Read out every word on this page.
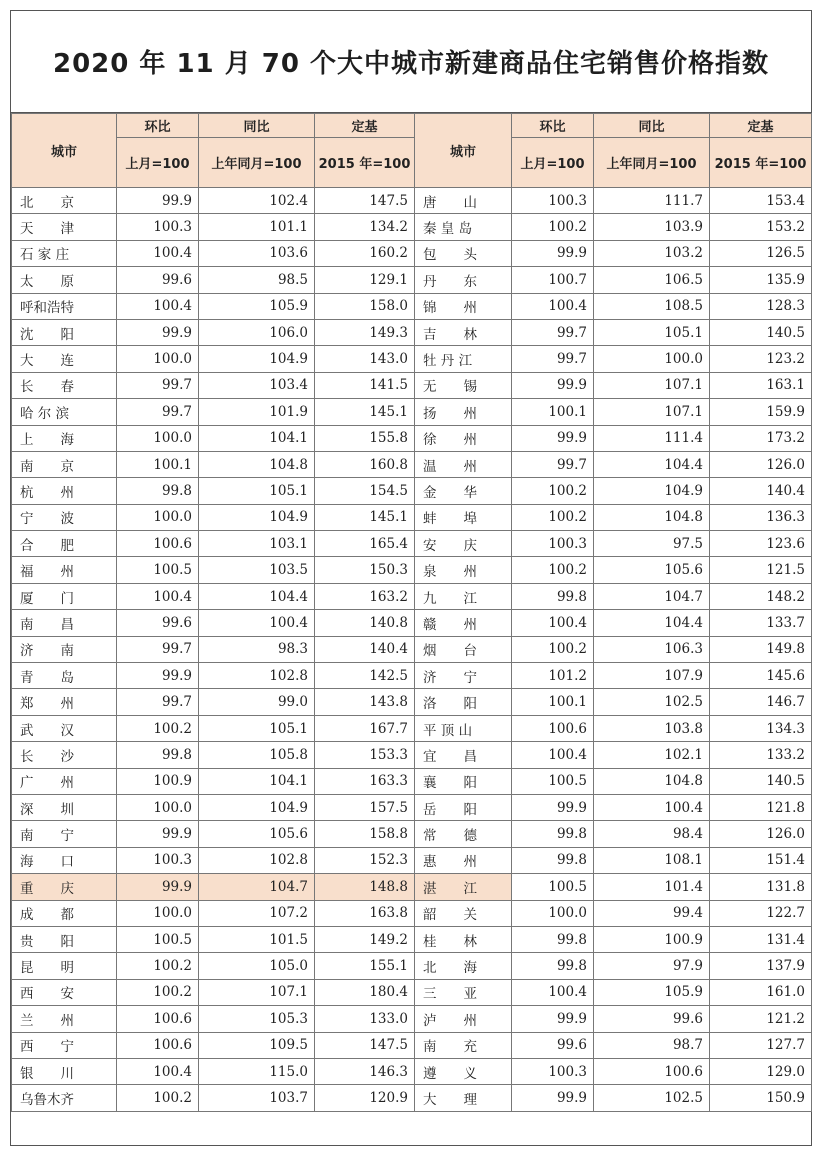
2020 年 11 月 70 个大中城市新建商品住宅销售价格指数
城市	环比	同比	定基	城市	环比	同比	定基
	上月=100	上年同月=100	2015 年=100		上月=100	上年同月=100	2015 年=100
北　　京	99.9	102.4	147.5	唐　　山	100.3	111.7	153.4
天　　津	100.3	101.1	134.2	秦 皇 岛	100.2	103.9	153.2
石 家 庄	100.4	103.6	160.2	包　　头	99.9	103.2	126.5
太　　原	99.6	98.5	129.1	丹　　东	100.7	106.5	135.9
呼和浩特	100.4	105.9	158.0	锦　　州	100.4	108.5	128.3
沈　　阳	99.9	106.0	149.3	吉　　林	99.7	105.1	140.5
大　　连	100.0	104.9	143.0	牡 丹 江	99.7	100.0	123.2
长　　春	99.7	103.4	141.5	无　　锡	99.9	107.1	163.1
哈 尔 滨	99.7	101.9	145.1	扬　　州	100.1	107.1	159.9
上　　海	100.0	104.1	155.8	徐　　州	99.9	111.4	173.2
南　　京	100.1	104.8	160.8	温　　州	99.7	104.4	126.0
杭　　州	99.8	105.1	154.5	金　　华	100.2	104.9	140.4
宁　　波	100.0	104.9	145.1	蚌　　埠	100.2	104.8	136.3
合　　肥	100.6	103.1	165.4	安　　庆	100.3	97.5	123.6
福　　州	100.5	103.5	150.3	泉　　州	100.2	105.6	121.5
厦　　门	100.4	104.4	163.2	九　　江	99.8	104.7	148.2
南　　昌	99.6	100.4	140.8	赣　　州	100.4	104.4	133.7
济　　南	99.7	98.3	140.4	烟　　台	100.2	106.3	149.8
青　　岛	99.9	102.8	142.5	济　　宁	101.2	107.9	145.6
郑　　州	99.7	99.0	143.8	洛　　阳	100.1	102.5	146.7
武　　汉	100.2	105.1	167.7	平 顶 山	100.6	103.8	134.3
长　　沙	99.8	105.8	153.3	宜　　昌	100.4	102.1	133.2
广　　州	100.9	104.1	163.3	襄　　阳	100.5	104.8	140.5
深　　圳	100.0	104.9	157.5	岳　　阳	99.9	100.4	121.8
南　　宁	99.9	105.6	158.8	常　　德	99.8	98.4	126.0
海　　口	100.3	102.8	152.3	惠　　州	99.8	108.1	151.4
重　　庆	99.9	104.7	148.8	湛　　江	100.5	101.4	131.8
成　　都	100.0	107.2	163.8	韶　　关	100.0	99.4	122.7
贵　　阳	100.5	101.5	149.2	桂　　林	99.8	100.9	131.4
昆　　明	100.2	105.0	155.1	北　　海	99.8	97.9	137.9
西　　安	100.2	107.1	180.4	三　　亚	100.4	105.9	161.0
兰　　州	100.6	105.3	133.0	泸　　州	99.9	99.6	121.2
西　　宁	100.6	109.5	147.5	南　　充	99.6	98.7	127.7
银　　川	100.4	115.0	146.3	遵　　义	100.3	100.6	129.0
乌鲁木齐	100.2	103.7	120.9	大　　理	99.9	102.5	150.9
